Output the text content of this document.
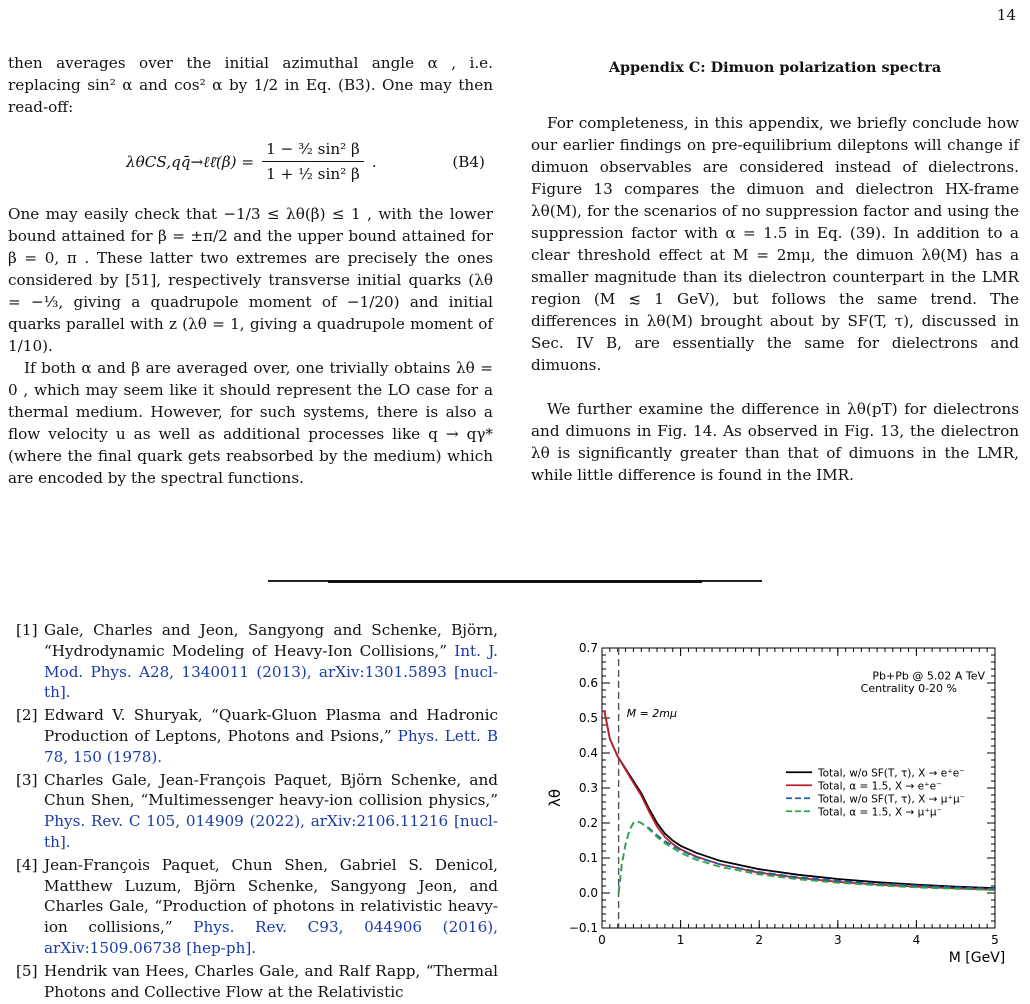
14

then averages over the initial azimuthal angle α , i.e. replacing sin² α and cos² α by 1/2 in Eq. (B3). One may then read-off:

λθCS,qq̄→ℓℓ̄(β) = $\frac{\text{1 − ³⁄₂ sin² β}}{\text{1 + ½ sin² β}}$ .	(B4)

One may easily check that −1/3 ≤ λθ(β) ≤ 1 , with the lower bound attained for β = ±π/2 and the upper bound attained for β = 0, π . These latter two extremes are precisely the ones considered by [51], respectively transverse initial quarks (λθ = −⅓, giving a quadrupole moment of −1/20) and initial quarks parallel with z (λθ = 1, giving a quadrupole moment of 1/10).

If both α and β are averaged over, one trivially obtains λθ = 0 , which may seem like it should represent the LO case for a thermal medium. However, for such systems, there is also a flow velocity u as well as additional processes like q → qγ* (where the final quark gets reabsorbed by the medium) which are encoded by the spectral functions.

Appendix C: Dimuon polarization spectra

For completeness, in this appendix, we briefly conclude how our earlier findings on pre-equilibrium dileptons will change if dimuon observables are considered instead of dielectrons. Figure 13 compares the dimuon and dielectron HX-frame λθ(M), for the scenarios of no suppression factor and using the suppression factor with α = 1.5 in Eq. (39). In addition to a clear threshold effect at M = 2mμ, the dimuon λθ(M) has a smaller magnitude than its dielectron counterpart in the LMR region (M ≲ 1 GeV), but follows the same trend. The differences in λθ(M) brought about by SF(T, τ), discussed in Sec. IV B, are essentially the same for dielectrons and dimuons.

We further examine the difference in λθ(pT) for dielectrons and dimuons in Fig. 14. As observed in Fig. 13, the dielectron λθ is significantly greater than that of dimuons in the LMR, while little difference is found in the IMR.

[1] Gale, Charles and Jeon, Sangyong and Schenke, Björn, “Hydrodynamic Modeling of Heavy-Ion Collisions,” Int. J. Mod. Phys. A28, 1340011 (2013), arXiv:1301.5893 [nucl-th].
[2] Edward V. Shuryak, “Quark-Gluon Plasma and Hadronic Production of Leptons, Photons and Psions,” Phys. Lett. B 78, 150 (1978).
[3] Charles Gale, Jean-François Paquet, Björn Schenke, and Chun Shen, “Multimessenger heavy-ion collision physics,” Phys. Rev. C 105, 014909 (2022), arXiv:2106.11216 [nucl-th].
[4] Jean-François Paquet, Chun Shen, Gabriel S. Denicol, Matthew Luzum, Björn Schenke, Sangyong Jeon, and Charles Gale, “Production of photons in relativistic heavy-ion collisions,” Phys. Rev. C93, 044906 (2016), arXiv:1509.06738 [hep-ph].
[5] Hendrik van Hees, Charles Gale, and Ralf Rapp, “Thermal Photons and Collective Flow at the Relativistic
0	1	2	3	4	5
−0.1
0.0
0.1
0.2
0.3
0.4
0.5
0.6
0.7
M = 2mμ
Pb+Pb @ 5.02 A TeV
Centrality 0-20 %
Total, w/o SF(T, τ), X → e⁺e⁻
Total, α = 1.5, X → e⁺e⁻
Total, w/o SF(T, τ), X → μ⁺μ⁻
Total, α = 1.5, X → μ⁺μ⁻
M [GeV]
λθ
